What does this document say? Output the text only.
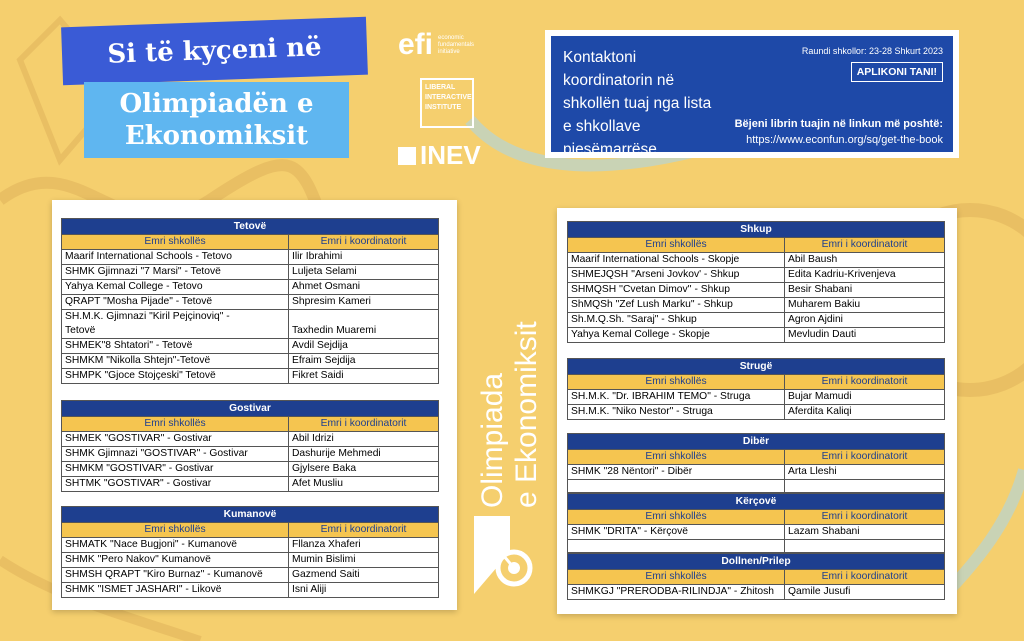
Si të kyçeni në
Olimpiadën e
Ekonomiksit
efi economic fundamentals initiative
LIBERAL INTERACTIVE INSTITUTE
INEV
Kontaktoni koordinatorin në shkollën tuaj nga lista e shkollave pjesëmarrëse
Raundi shkollor: 23-28 Shkurt 2023
APLIKONI TANI!
Bëjeni librin tuajin në linkun më poshtë:
https://www.econfun.org/sq/get-the-book
Tetovë	
Emri shkollës	Emri i koordinatorit
Maarif International Schools - Tetovo	Ilir Ibrahimi
SHMK Gjimnazi "7 Marsi" - Tetovë	Luljeta Selami
Yahya Kemal College - Tetovo	Ahmet Osmani
QRAPT "Mosha Pijade" - Tetovë	Shpresim Kameri
SH.M.K. Gjimnazi "Kiril Pejçinoviq" -
Tetovë	Taxhedin Muaremi
SHMEK"8 Shtatori" - Tetovë	Avdil Sejdija
SHMKM "Nikolla Shtejn"-Tetovë	Efraim Sejdija
SHMPK "Gjoce Stojçeski" Tetovë	Fikret Saidi
Gostivar	
Emri shkollës	Emri i koordinatorit
SHMEK "GOSTIVAR" - Gostivar	Abil Idrizi
SHMK Gjimnazi "GOSTIVAR" - Gostivar	Dashurije Mehmedi
SHMKM "GOSTIVAR" - Gostivar	Gjylsere Baka
SHTMK "GOSTIVAR" - Gostivar	Afet Musliu
Kumanovë	
Emri shkollës	Emri i koordinatorit
SHMATK "Nace Bugjoni" - Kumanovë	Fllanza Xhaferi
SHMK "Pero Nakov" Kumanovë	Mumin Bislimi
SHMSH QRAPT "Kiro Burnaz" - Kumanovë	Gazmend Saiti
SHMK "ISMET JASHARI" - Likovë	Isni Aliji
Olimpiada e Ekonomiksit
Shkup	
Emri shkollës	Emri i koordinatorit
Maarif International Schools - Skopje	Abil Baush
SHMEJQSH ''Arseni Jovkov' - Shkup	Edita Kadriu-Krivenjeva
SHMQSH ''Cvetan Dimov'' - Shkup	Besir Shabani
ShMQSh "Zef Lush Marku" - Shkup	Muharem Bakiu
Sh.M.Q.Sh. "Saraj" - Shkup	Agron Ajdini
Yahya Kemal College - Skopje	Mevludin Dauti
Strugë	
Emri shkollës	Emri i koordinatorit
SH.M.K. "Dr. IBRAHIM TEMO" - Struga	Bujar Mamudi
SH.M.K. "Niko Nestor" - Struga	Aferdita Kaliqi
Dibër	
Emri shkollës	Emri i koordinatorit
SHMK "28 Nëntori" - Dibër	Arta Lleshi

Kërçovë	
Emri shkollës	Emri i koordinatorit
SHMK "DRITA" - Kërçovë	Lazam Shabani

Dollnen/Prilep	
Emri shkollës	Emri i koordinatorit
SHMKGJ "PRERODBA-RILINDJA" - Zhitosh	Qamile Jusufi
